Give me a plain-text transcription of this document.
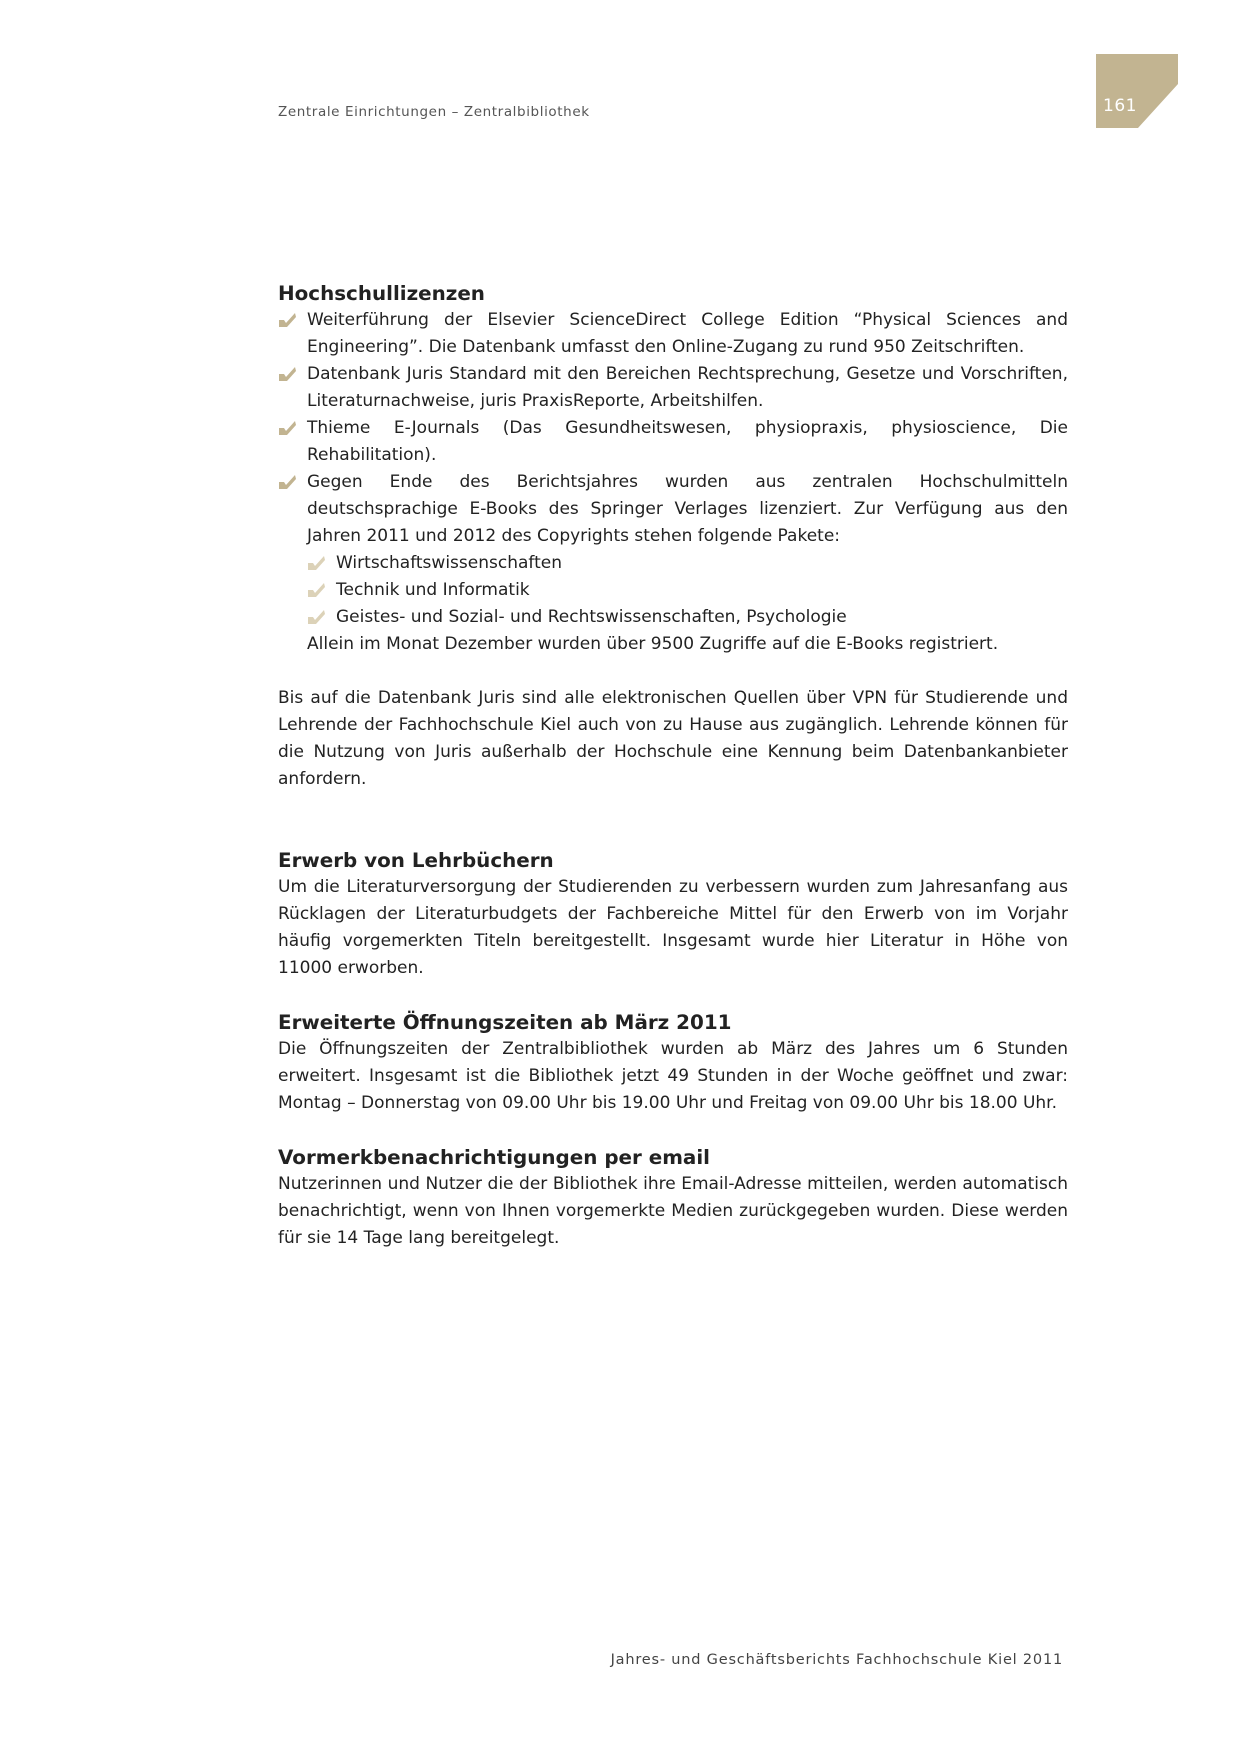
Zentrale Einrichtungen – Zentralbibliothek	161
Hochschullizenzen
Weiterführung der Elsevier ScienceDirect College Edition “Physical Sciences and Engineering”. Die Datenbank umfasst den Online-Zugang zu rund 950 Zeitschriften.
Datenbank Juris Standard mit den Bereichen Rechtsprechung, Gesetze und Vorschriften, Literaturnachweise, juris PraxisReporte, Arbeitshilfen.
Thieme E-Journals (Das Gesundheitswesen, physiopraxis, physioscience, Die Rehabilitation).
Gegen Ende des Berichtsjahres wurden aus zentralen Hochschulmitteln deutschsprachige E-Books des Springer Verlages lizenziert. Zur Verfügung aus den Jahren 2011 und 2012 des Copyrights stehen folgende Pakete:
Wirtschaftswissenschaften
Technik und Informatik
Geistes- und Sozial- und Rechtswissenschaften, Psychologie
Allein im Monat Dezember wurden über 9500 Zugriffe auf die E-Books registriert.

Bis auf die Datenbank Juris sind alle elektronischen Quellen über VPN für Studierende und Lehrende der Fachhochschule Kiel auch von zu Hause aus zugänglich. Lehrende können für die Nutzung von Juris außerhalb der Hochschule eine Kennung beim Datenbankanbieter anfordern.

Erwerb von Lehrbüchern

Um die Literaturversorgung der Studierenden zu verbessern wurden zum Jahresanfang aus Rücklagen der Literaturbudgets der Fachbereiche Mittel für den Erwerb von im Vorjahr häufig vorgemerkten Titeln bereitgestellt. Insgesamt wurde hier Literatur in Höhe von 11000 erworben.

Erweiterte Öffnungszeiten ab März 2011

Die Öffnungszeiten der Zentralbibliothek wurden ab März des Jahres um 6 Stunden erweitert. Insgesamt ist die Bibliothek jetzt 49 Stunden in der Woche geöffnet und zwar: Montag – Donnerstag von 09.00 Uhr bis 19.00 Uhr und Freitag von 09.00 Uhr bis 18.00 Uhr.

Vormerkbenachrichtigungen per email

Nutzerinnen und Nutzer die der Bibliothek ihre Email-Adresse mitteilen, werden automatisch benachrichtigt, wenn von Ihnen vorgemerkte Medien zurückgegeben wurden. Diese werden für sie 14 Tage lang bereitgelegt.

Jahres- und Geschäftsberichts Fachhochschule Kiel 2011
